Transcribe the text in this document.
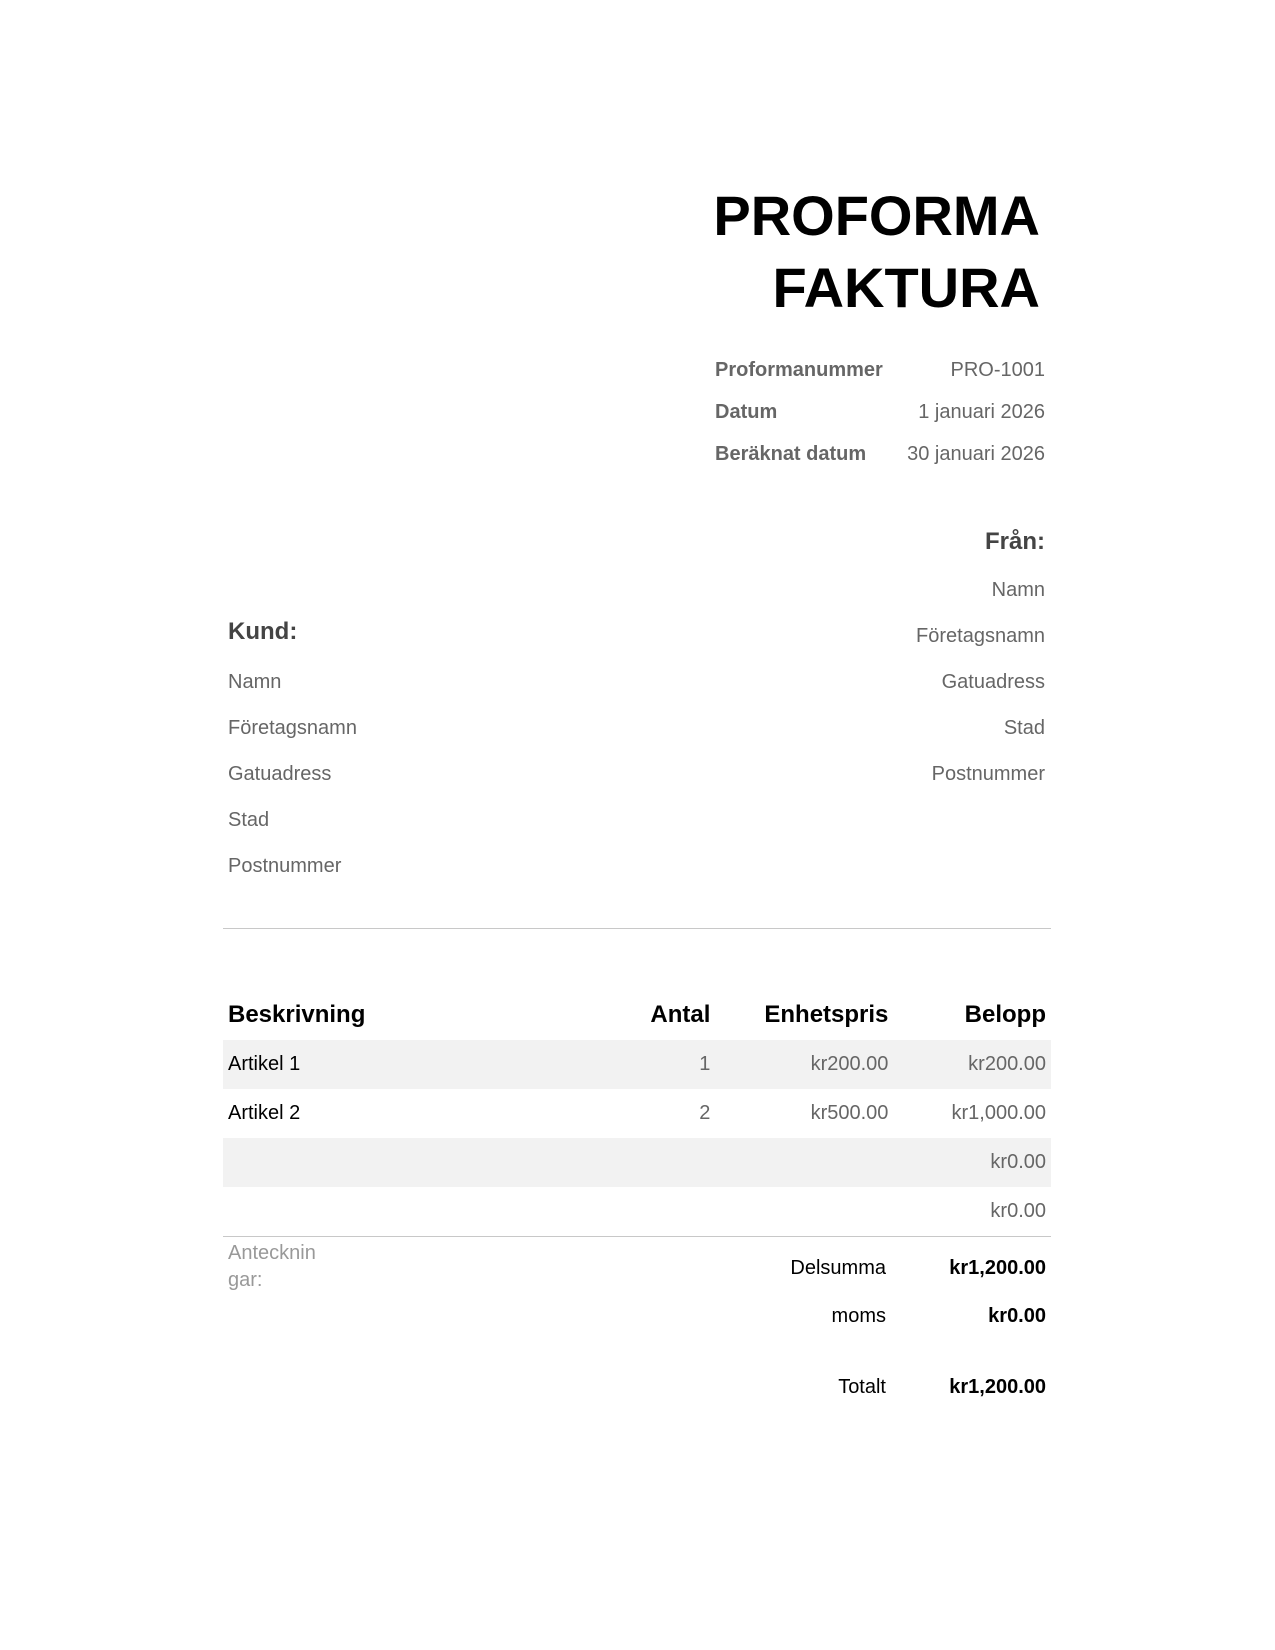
PROFORMA FAKTURA
Proformanummer	PRO-1001
Datum	1 januari 2026
Beräknat datum	30 januari 2026
Från:
Namn
Företagsnamn
Gatuadress
Stad
Postnummer
Kund:
Namn
Företagsnamn
Gatuadress
Stad
Postnummer
Beskrivning	Antal	Enhetspris	Belopp
Artikel 1	1	kr200.00	kr200.00
Artikel 2	2	kr500.00	kr1,000.00
			kr0.00
			kr0.00
Anteckningar:
Delsumma	kr1,200.00
moms	kr0.00
Totalt	kr1,200.00
